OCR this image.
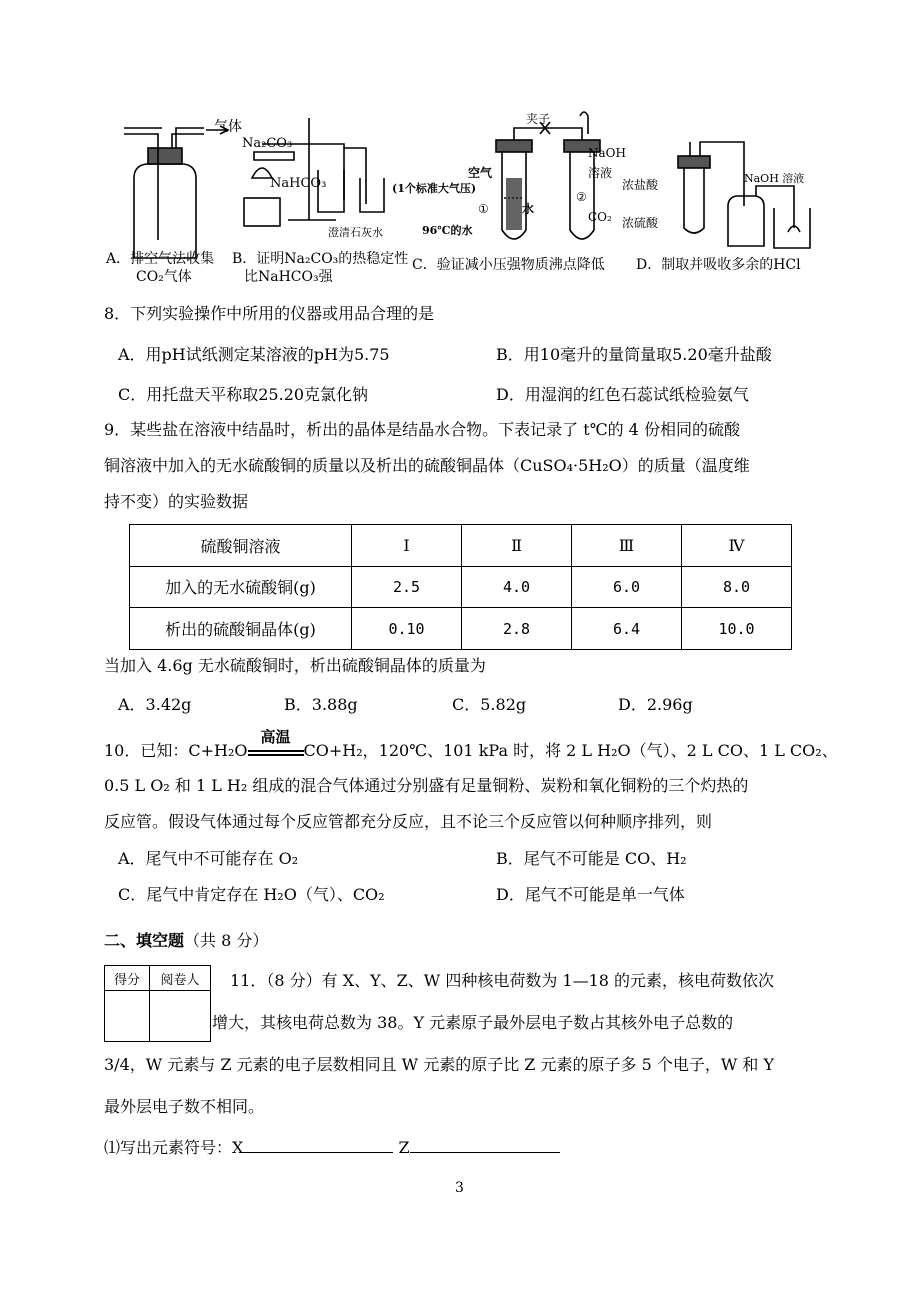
气体
Na₂CO₃
NaHCO₃
澄清石灰水
夹子
空气
(1个标准大气压)
①	水
96℃的水
②
NaOH
溶液
CO₂
浓盐酸
浓硫酸
NaOH 溶液
A．排空气法收集
CO₂气体
B．证明Na₂CO₃的热稳定性
比NaHCO₃强
C．验证减小压强物质沸点降低 D．制取并吸收多余的HCl
8．下列实验操作中所用的仪器或用品合理的是
A．用pH试纸测定某溶液的pH为5.75	B．用10毫升的量筒量取5.20毫升盐酸
C．用托盘天平称取25.20克氯化钠	D．用湿润的红色石蕊试纸检验氨气
9．某些盐在溶液中结晶时，析出的晶体是结晶水合物。下表记录了 t℃的 4 份相同的硫酸
铜溶液中加入的无水硫酸铜的质量以及析出的硫酸铜晶体（CuSO₄·5H₂O）的质量（温度维
持不变）的实验数据
硫酸铜溶液	Ⅰ	Ⅱ	Ⅲ	Ⅳ
加入的无水硫酸铜(g)	2.5	4.0	6.0	8.0
析出的硫酸铜晶体(g)	0.10	2.8	6.4	10.0
当加入 4.6g 无水硫酸铜时，析出硫酸铜晶体的质量为
A．3.42g	B．3.88g	C．5.82g	D．2.96g
10．已知：C+H₂O
高温
CO+H₂，120℃、101 kPa 时，将 2 L H₂O（气）、2 L CO、1 L CO₂、
0.5 L O₂ 和 1 L H₂ 组成的混合气体通过分别盛有足量铜粉、炭粉和氧化铜粉的三个灼热的
反应管。假设气体通过每个反应管都充分反应，且不论三个反应管以何种顺序排列，则
A．尾气中不可能存在 O₂	B．尾气不可能是 CO、H₂
C．尾气中肯定存在 H₂O（气）、CO₂	D．尾气不可能是单一气体
二、填空题（共 8 分）
得分	阅卷人
	11．（8 分）有 X、Y、Z、W 四种核电荷数为 1—18 的元素，核电荷数依次
增大，其核电荷总数为 38。Y 元素原子最外层电子数占其核外电子总数的
3/4，W 元素与 Z 元素的电子层数相同且 W 元素的原子比 Z 元素的原子多 5 个电子，W 和 Y
最外层电子数不相同。
⑴写出元素符号：X	Z
3
